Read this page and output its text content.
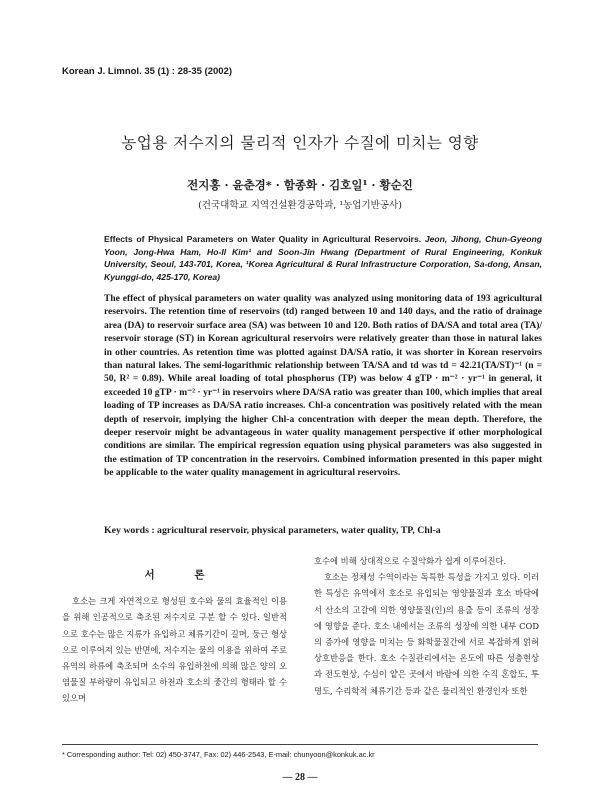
Korean J. Limnol. 35 (1) : 28-35 (2002)
농업용 저수지의 물리적 인자가 수질에 미치는 영향
전지홍 · 윤춘경* · 함종화 · 김호일¹ · 황순진
(건국대학교 지역건설환경공학과, ¹농업기반공사)
Effects of Physical Parameters on Water Quality in Agricultural Reservoirs. Jeon, Jihong, Chun-Gyeong Yoon, Jong-Hwa Ham, Ho-Il Kim¹ and Soon-Jin Hwang (Department of Rural Engineering, Konkuk University, Seoul, 143-701, Korea, ¹Korea Agricultural & Rural Infrastructure Corporation, Sa-dong, Ansan, Kyunggi-do, 425-170, Korea)
The effect of physical parameters on water quality was analyzed using monitoring data of 193 agricultural reservoirs. The retention time of reservoirs (td) ranged between 10 and 140 days, and the ratio of drainage area (DA) to reservoir surface area (SA) was between 10 and 120. Both ratios of DA/SA and total area (TA)/ reservoir storage (ST) in Korean agricultural reservoirs were relatively greater than those in natural lakes in other countries. As retention time was plotted against DA/SA ratio, it was shorter in Korean reservoirs than natural lakes. The semi-logarithmic relationship between TA/SA and td was td = 42.21(TA/ST)⁻¹ (n = 50, R² = 0.89). While areal loading of total phosphorus (TP) was below 4 gTP · m⁻² · yr⁻¹ in general, it exceeded 10 gTP · m⁻² · yr⁻¹ in reservoirs where DA/SA ratio was greater than 100, which implies that areal loading of TP increases as DA/SA ratio increases. Chl-a concentration was positively related with the mean depth of reservoir, implying the higher Chl-a concentration with deeper the mean depth. Therefore, the deeper reservoir might be advantageous in water quality management perspective if other morphological conditions are similar. The empirical regression equation using physical parameters was also suggested in the estimation of TP concentration in the reservoirs. Combined information presented in this paper might be applicable to the water quality management in agricultural reservoirs.
Key words : agricultural reservoir, physical parameters, water quality, TP, Chl-a
서 론

호소는 크게 자연적으로 형성된 호수와 물의 효율적인 이용을 위해 인공적으로 축조된 저수지로 구분 할 수 있다. 일반적으로 호수는 많은 지류가 유입하고 체류기간이 길며, 둥근 형상으로 이루어져 있는 반면에, 저수지는 물의 이용을 위하여 주로 유역의 하류에 축조되며 소수의 유입하천에 의해 많은 양의 오염물질 부하량이 유입되고 하천과 호소의 중간의 형태라 할 수 있으며

호수에 비해 상대적으로 수질악화가 쉽게 이루어진다.

호소는 정체성 수역이라는 독특한 특성을 가지고 있다. 이러한 특성은 유역에서 호소로 유입되는 영양물질과 호소 바닥에서 산소의 고갈에 의한 영양물질(인)의 용출 등이 조류의 성장에 영향을 준다. 호소 내에서는 조류의 성장에 의한 내부 COD의 증가에 영향을 미치는 등 화학물질간에 서로 복잡하게 얽혀 상호반응을 한다. 호소 수질관리에서는 온도에 따른 성층현상과 전도현상, 수심이 얕은 곳에서 바람에 의한 수직 혼합도, 투명도, 수리학적 체류기간 등과 같은 물리적인 환경인자 또한

* Corresponding author: Tel: 02) 450-3747, Fax: 02) 446-2543, E-mail: chunyoon@konkuk.ac.kr
— 28 —
